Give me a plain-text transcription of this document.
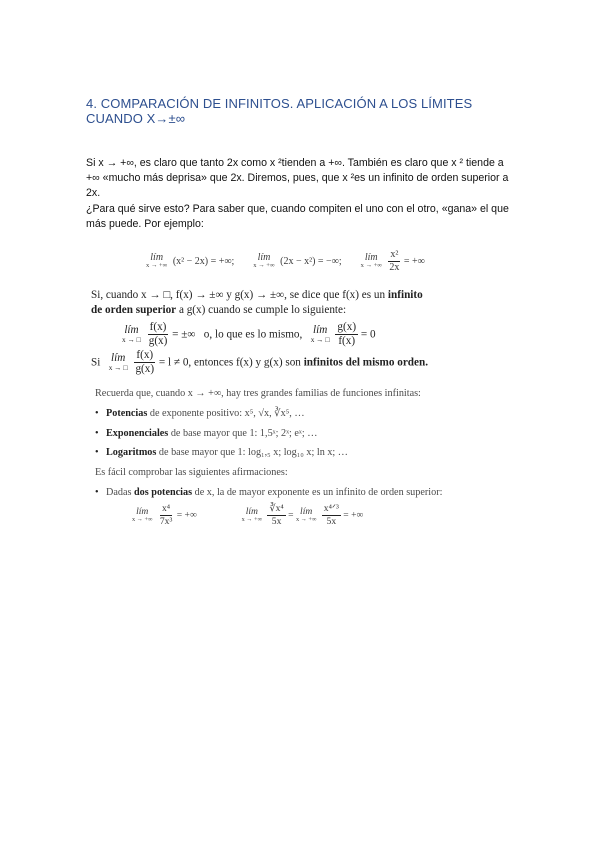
4. COMPARACIÓN DE INFINITOS. APLICACIÓN A LOS LÍMITES
CUANDO X→±∞

Si x → +∞, es claro que tanto 2x como x ²tienden a +∞. También es claro que x ² tiende a +∞ «mucho más deprisa» que 2x. Diremos, pues, que x ²es un infinito de orden superior a 2x.

¿Para qué sirve esto? Para saber que, cuando compiten el uno con el otro, «gana» el que más puede. Por ejemplo:

lím
x → +∞ (x² − 2x) = +∞; lím
x → +∞ (2x − x²) = −∞; lím
x → +∞
$\frac{\text{x²}}{2x}$ = +∞
Si, cuando x → □, f(x) → ±∞ y g(x) → ±∞, se dice que f(x) es un infinito
de orden superior a g(x) cuando se cumple lo siguiente:
lím
x → □
$\frac{f(x)}{g(x)}$ = ±∞ o, lo que es lo mismo, lím
x → □
$\frac{g(x)}{f(x)} = 0$
Si lím
x → □
$\frac{f(x)}{g(x)} = l \ne 0$, entonces f(x) y g(x) son infinitos del mismo orden.
Recuerda que, cuando x → +∞, hay tres grandes familias de funciones infinitas:
• Potencias de exponente positivo: x⁵, √x, ∛x⁵, …
• Exponenciales de base mayor que 1: 1,5ˣ; 2ˣ; eˣ; …
• Logaritmos de base mayor que 1: log₁,₅ x; log₁₀ x; ln x; …
Es fácil comprobar las siguientes afirmaciones:
• Dadas dos potencias de x, la de mayor exponente es un infinito de orden superior:
lím
x → +∞
$\frac{\text{x⁴}}{\text{7x³}}$ = +∞	lím
x → +∞
$\frac{\text{∛x⁴}}{5x}$ = lím
x → +∞
$\frac{\text{x⁴ᐟ³}}{5x}$ = +∞
